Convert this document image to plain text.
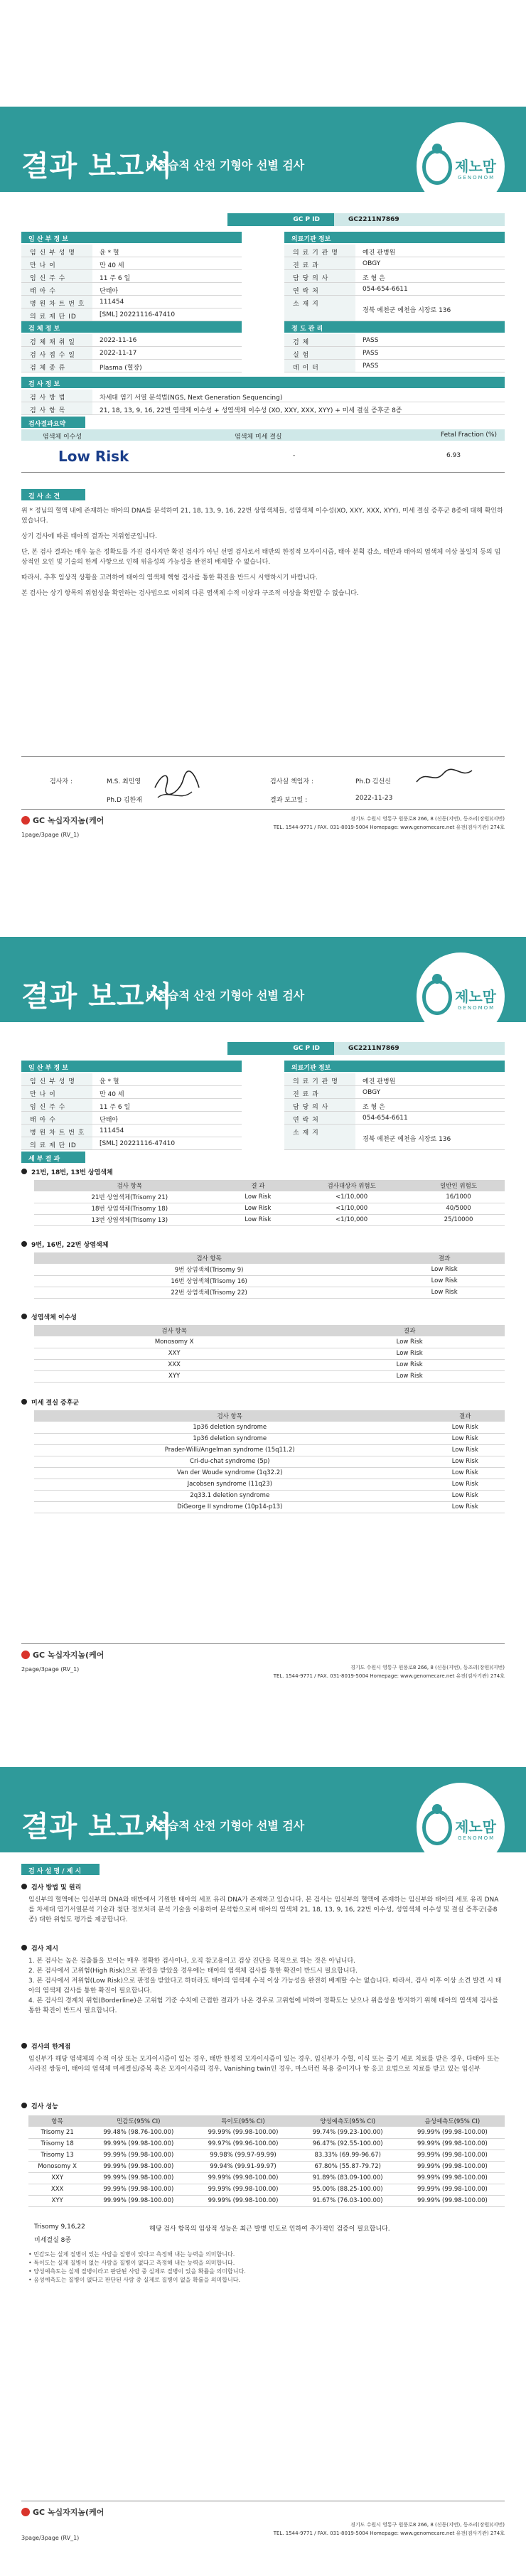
결과 보고서
비침습적 산전 기형아 선별 검사	제노맘
GENOMOM
GC P ID	GC2211N7869
임 산 부 정 보	의료기관 정보
임 신 부 성 명	윤 * 혈
만 나 이	만 40 세
임 신 주 수	11 주 6 일
태 아 수	단태아
병 원 차 트 번 호	111454
의 료 제 단 ID	[SML] 20221116-47410
의 료 기 관 명	예진 관병원
진 료 과	OBGY
담 당 의 사	조 형 은
연 락 처	054-654-6611
소 재 지
경북 예천군 예천읍 시장로 136
검 체 정 보	정 도 관 리
검 체 채 취 일	2022-11-16
검 사 접 수 일	2022-11-17
검 체 종 류	Plasma (혈장)
검 체	PASS
실 험	PASS
데 이 터	PASS
검 사 정 보
검 사 방 법	차세대 염기 서열 분석법(NGS, Next Generation Sequencing)
검 사 항 목	21, 18, 13, 9, 16, 22번 염색체 이수성 + 성염색체 이수성 (XO, XXY, XXX, XYY) + 미세 결실 증후군 8종
검사결과요약
염색체 이수성	염색체 미세 결실	Fetal Fraction (%)
Low Risk	-	6.93
검 사 소 견

위 * 정님의 혈액 내에 존재하는 태아의 DNA를 분석하여 21, 18, 13, 9, 16, 22번 상염색체들, 성염색체 이수성(XO, XXY, XXX, XYY), 미세 결실 증후군 8종에 대해 확인하였습니다.

상기 검사에 따른 태아의 결과는 저위험군입니다.

단, 본 검사 결과는 매우 높은 정확도를 가진 검사지만 확진 검사가 아닌 선별 검사로서 태반의 한정적 모자이시즘, 태아 분획 감소, 태반과 태아의 염색체 이상 불일치 등의 임상적인 요인 및 기술의 한계 사항으로 인해 위음성의 가능성을 완전히 배제할 수 없습니다.

따라서, 추후 임상적 상황을 고려하여 태아의 염색체 핵형 검사를 통한 확진을 반드시 시행하시기 바랍니다.

본 검사는 상기 항목의 위험성을 확인하는 검사법으로 이외의 다른 염색체 수적 이상과 구조적 이상을 확인할 수 없습니다.

검사자 :	M.S. 최민영
Ph.D 김한재
검사실 책임자 :	Ph.D 김선신
결과 보고일 :	2022-11-23
GC 녹십자지놈(케어	경기도 수원시 영통구 원풍로8 266, 8 (신동(지번), 등조리(장원)(지번)
TEL. 1544-9771 / FAX. 031-8019-5004 Homepage: www.genomecare.net 유전(검사기관) 274호
1page/3page (RV_1)
결과 보고서
비침습적 산전 기형아 선별 검사	제노맘
GENOMOM
GC P ID	GC2211N7869
임 산 부 정 보	의료기관 정보
임 신 부 성 명	윤 * 혈
만 나 이	만 40 세
임 신 주 수	11 주 6 일
태 아 수	단태아
병 원 차 트 번 호	111454
의 료 제 단 ID	[SML] 20221116-47410
의 료 기 관 명	예진 관병원
진 료 과	OBGY
담 당 의 사	조 형 은
연 락 처	054-654-6611
소 재 지
경북 예천군 예천읍 시장로 136
세 부 결 과
21번, 18번, 13번 상염색체
검사 항목	결 과	검사대상자 위험도	일반인 위험도
21번 상염색체(Trisomy 21)	Low Risk	<1/10,000	16/1000
18번 상염색체(Trisomy 18)	Low Risk	<1/10,000	40/5000
13번 상염색체(Trisomy 13)	Low Risk	<1/10,000	25/10000
9번, 16번, 22번 상염색체
검사 항목	결과
9번 상염색체(Trisomy 9)	Low Risk
16번 상염색체(Trisomy 16)	Low Risk
22번 상염색체(Trisomy 22)	Low Risk
성염색체 이수성
검사 항목	결과
Monosomy X	Low Risk
XXY	Low Risk
XXX	Low Risk
XYY	Low Risk
미세 결실 증후군
검사 항목	결과
1p36 deletion syndrome	Low Risk
1p36 deletion syndrome	Low Risk
Prader-Willi/Angelman syndrome (15q11.2)	Low Risk
Cri-du-chat syndrome (5p)	Low Risk
Van der Woude syndrome (1q32.2)	Low Risk
Jacobsen syndrome (11q23)	Low Risk
2q33.1 deletion syndrome	Low Risk
DiGeorge II syndrome (10p14-p13)	Low Risk
GC 녹십자지놈(케어
경기도 수원시 영통구 원풍로8 266, 8 (신동(지번), 등조리(장원)(지번)
TEL. 1544-9771 / FAX. 031-8019-5004 Homepage: www.genomecare.net 유전(검사기관) 274호
2page/3page (RV_1)
결과 보고서
비침습적 산전 기형아 선별 검사	제노맘
GENOMOM
검 사 설 명 / 제 시
검사 방법 및 원리
임신부의 혈액에는 임신부의 DNA와 태반에서 기원한 태아의 세포 유리 DNA가 존재하고 있습니다. 본 검사는 임신부의 혈액에 존재하는 임신부와 태아의 세포 유리 DNA를 차세대 염기서열분석 기술과 첨단 정보처리 분석 기술을 이용하여 분석함으로써 태아의 염색체 21, 18, 13, 9, 16, 22번 이수성, 성염색체 이수성 및 결실 증후군(총8종) 대한 위험도 평가를 제공합니다.
검사 제시

1. 본 검사는 높은 검출률을 보이는 매우 정확한 검사이나, 오직 참고용이고 검상 진단을 목적으로 하는 것은 아닙니다.

2. 본 검사에서 고위험(High Risk)으로 판정을 받았을 경우에는 태아의 염색체 검사를 통한 확진이 반드시 필요합니다.

3. 본 검사에서 저위험(Low Risk)으로 판정을 받았다고 하더라도 태아의 염색체 수적 이상 가능성을 완전히 배제할 수는 없습니다. 따라서, 검사 이후 이상 소견 발견 시 태아의 염색체 검사를 통한 확진이 필요합니다.

4. 본 검사의 경계치 위험(Borderline)은 고위험 기준 수치에 근접한 결과가 나온 경우로 고위험에 비하여 정확도는 낮으나 위음성을 방지하기 위해 태아의 염색체 검사를 통한 확진이 반드시 필요합니다.

검사의 한계점
임신부가 해당 염색체의 수적 이상 또는 모자이시즘이 있는 경우, 태반 한정적 모자이시즘이 있는 경우, 임신부가 수혈, 이식 또는 줄기 세포 치료를 받은 경우, 다태아 또는 사라진 쌍둥이, 태아의 염색체 미세결실/중복 혹은 모자이시즘의 경우, Vanishing twin인 경우, 마스터컨 복용 중이거나 항 응고 요법으로 치료를 받고 있는 임신부
검사 성능
항목	민감도(95% CI)	특이도(95% CI)	양성예측도(95% CI)	음성예측도(95% CI)
Trisomy 21	99.48% (98.76-100.00)	99.99% (99.98-100.00)	99.74% (99.23-100.00)	99.99% (99.98-100.00)
Trisomy 18	99.99% (99.98-100.00)	99.97% (99.96-100.00)	96.47% (92.55-100.00)	99.99% (99.98-100.00)
Trisomy 13	99.99% (99.98-100.00)	99.98% (99.97-99.99)	83.33% (69.99-96.67)	99.99% (99.98-100.00)
Monosomy X	99.99% (99.98-100.00)	99.94% (99.91-99.97)	67.80% (55.87-79.72)	99.99% (99.98-100.00)
XXY	99.99% (99.98-100.00)	99.99% (99.98-100.00)	91.89% (83.09-100.00)	99.99% (99.98-100.00)
XXX	99.99% (99.98-100.00)	99.99% (99.98-100.00)	95.00% (88.25-100.00)	99.99% (99.98-100.00)
XYY	99.99% (99.98-100.00)	99.99% (99.98-100.00)	91.67% (76.03-100.00)	99.99% (99.98-100.00)
Trisomy 9,16,22	해당 검사 항목의 임상적 성능은 최근 발병 빈도로 인하여 추가적인 검증이 필요합니다.
미세결실 8종

• 민감도는 실제 질병이 있는 사람을 질병이 있다고 측정해 내는 능력을 의미합니다.

• 특이도는 실제 질병이 없는 사람을 질병이 없다고 측정해 내는 능력을 의미합니다.

• 양성예측도는 실제 질병이라고 판단된 사람 중 실제로 질병이 있을 확률을 의미합니다.

• 음성예측도는 질병이 없다고 판단된 사람 중 실제로 질병이 없을 확률을 의미합니다.

GC 녹십자지놈(케어
경기도 수원시 영통구 원풍로8 266, 8 (신동(지번), 등조리(장원)(지번)
TEL. 1544-9771 / FAX. 031-8019-5004 Homepage: www.genomecare.net 유전(검사기관) 274호
3page/3page (RV_1)
